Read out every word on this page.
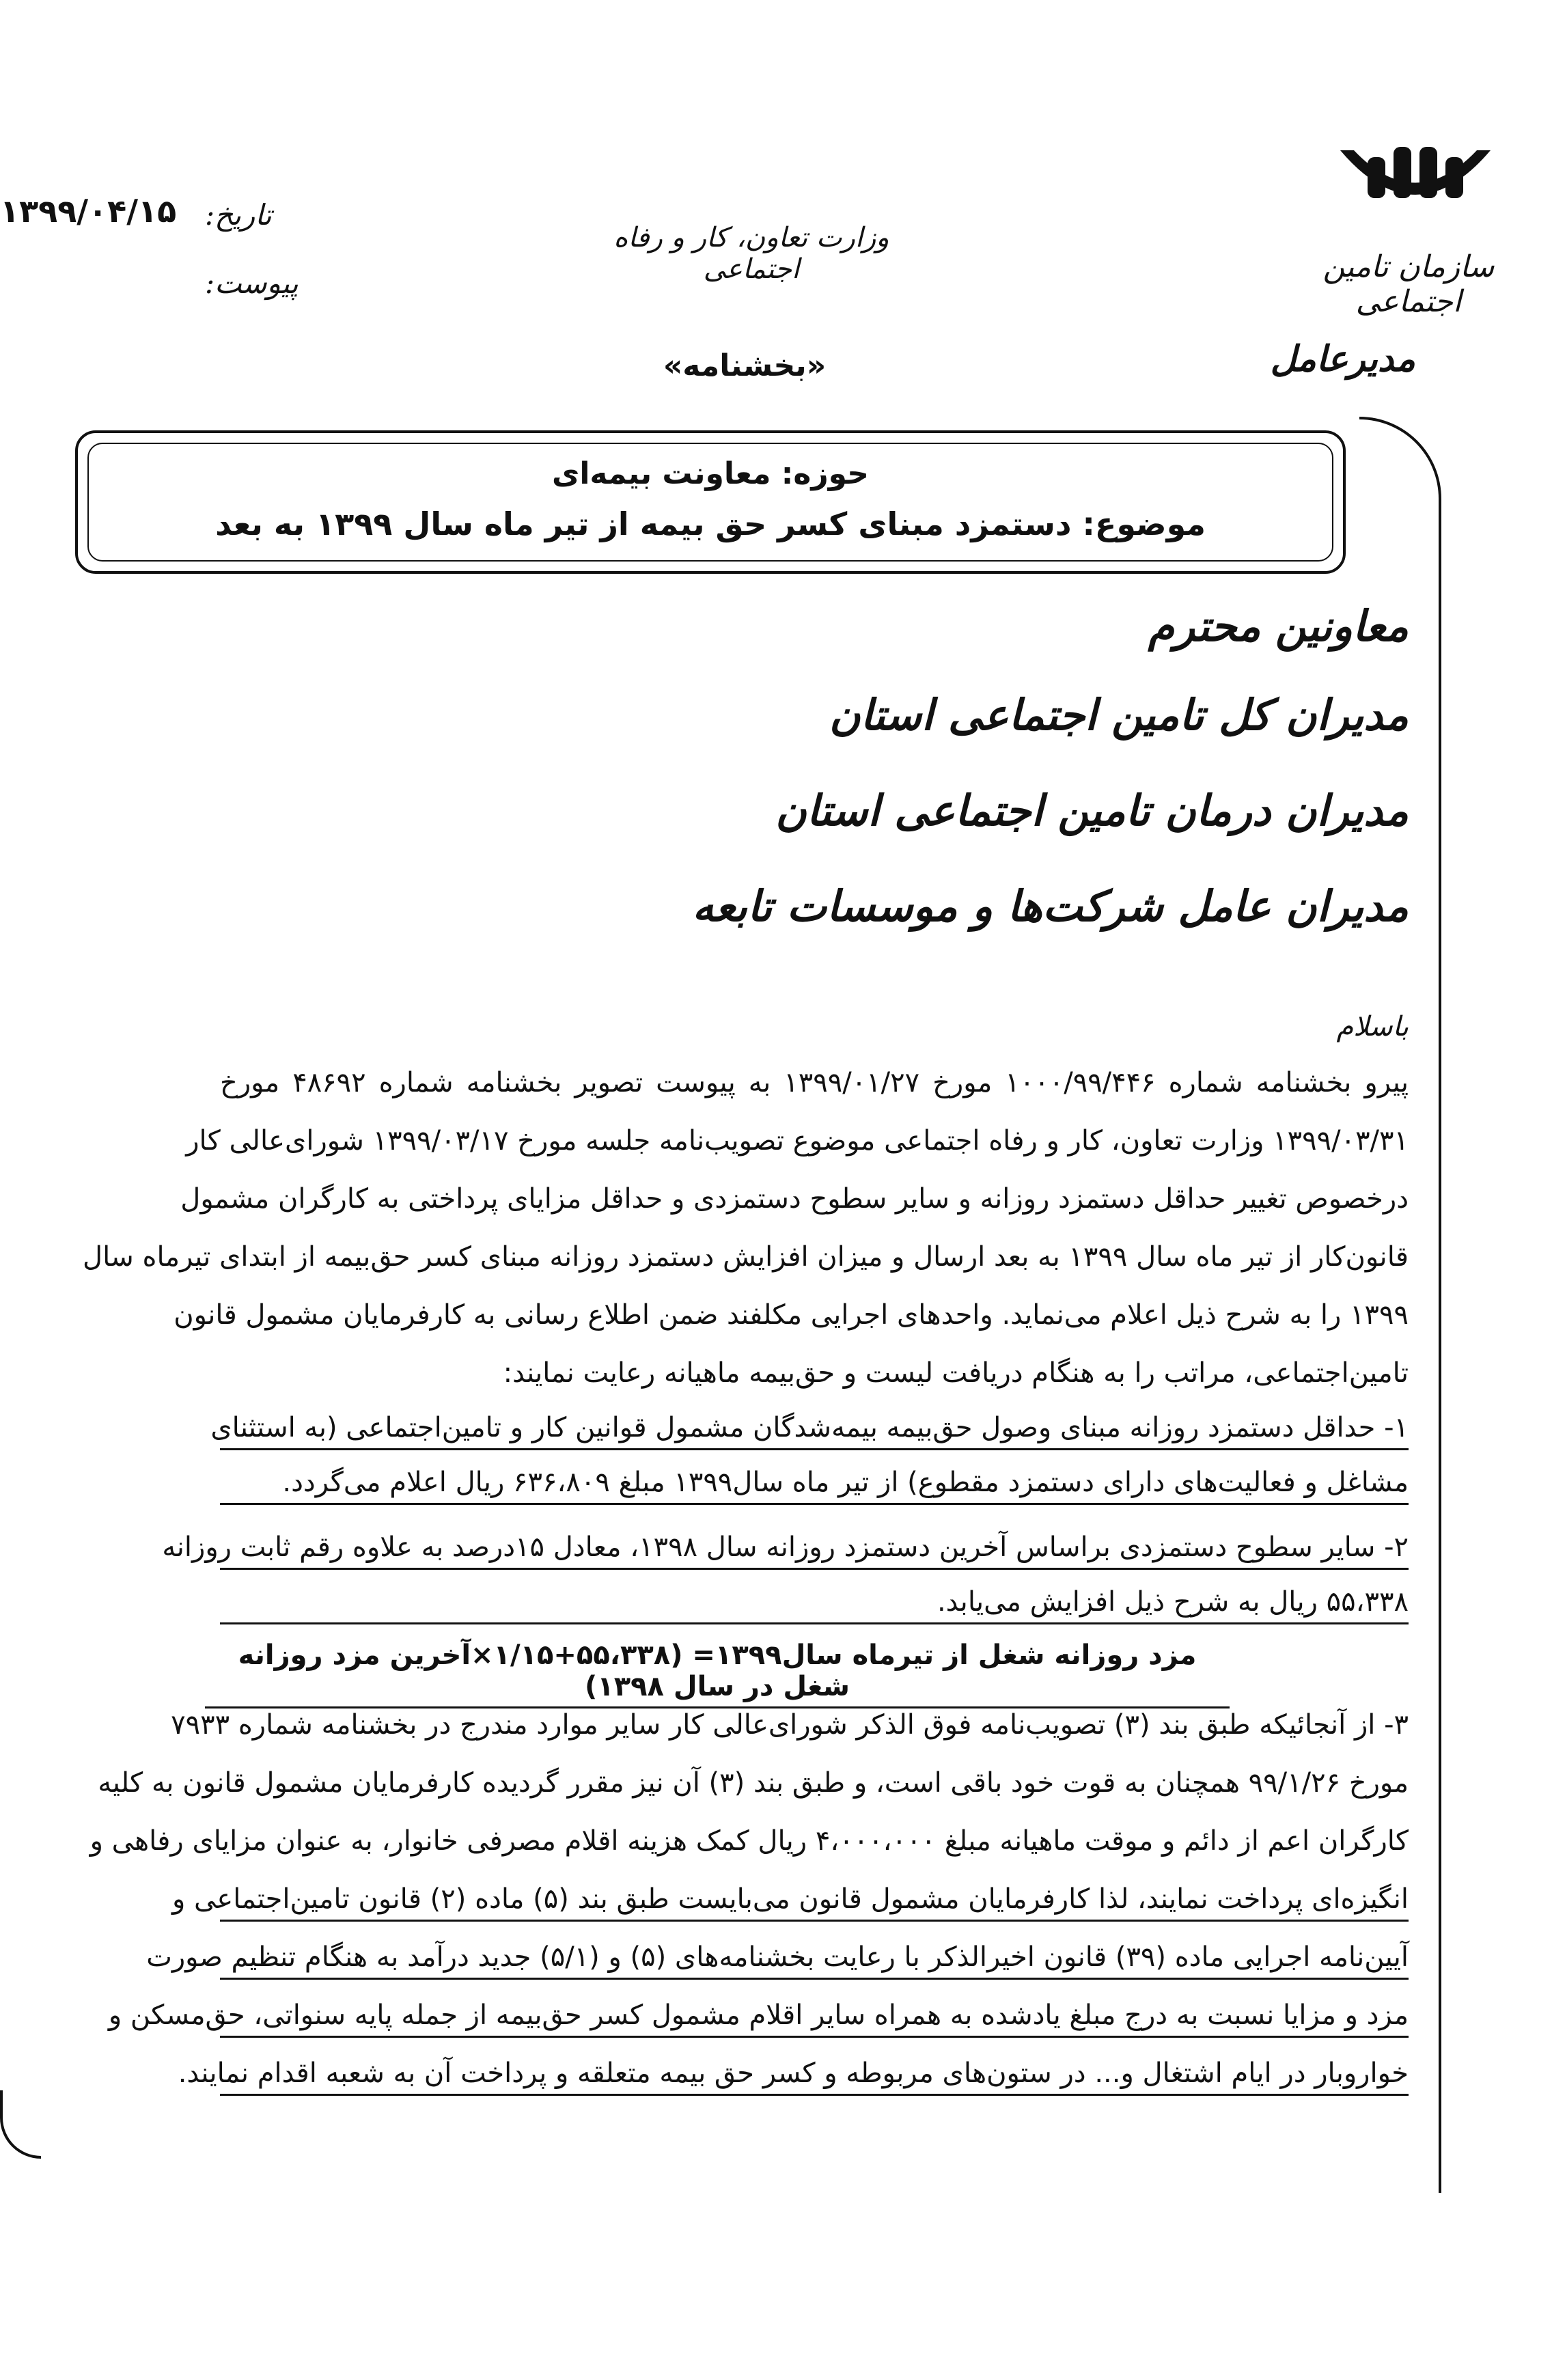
سازمان تامین اجتماعی
وزارت تعاون، کار و رفاه اجتماعی
تاریخ:
۱۳۹۹/۰۴/۱۵
پیوست:
مدیرعامل
«بخشنامه»
حوزه: معاونت بیمه‌ای
موضوع: دستمزد مبنای کسر حق بیمه از تیر ماه سال ۱۳۹۹ به بعد
معاونین محترم
مدیران کل تامین اجتماعی استان
مدیران درمان تامین اجتماعی استان
مدیران عامل شرکت‌ها و موسسات تابعه
باسلام
پیرو بخشنامه شماره ۱۰۰۰/۹۹/۴۴۶ مورخ ۱۳۹۹/۰۱/۲۷ به پیوست تصویر بخشنامه شماره ۴۸۶۹۲ مورخ
۱۳۹۹/۰۳/۳۱ وزارت تعاون، کار و رفاه اجتماعی موضوع تصویب‌نامه جلسه مورخ ۱۳۹۹/۰۳/۱۷ شورای‌عالی کار
درخصوص تغییر حداقل دستمزد روزانه و سایر سطوح دستمزدی و حداقل مزایای پرداختی به کارگران مشمول
قانون‌کار از تیر ماه سال ۱۳۹۹ به بعد ارسال و میزان افزایش دستمزد روزانه مبنای کسر حق‌بیمه از ابتدای تیرماه سال
۱۳۹۹ را به شرح ذیل اعلام می‌نماید. واحدهای اجرایی مکلفند ضمن اطلاع رسانی به کارفرمایان مشمول قانون
تامین‌اجتماعی، مراتب را به هنگام دریافت لیست و حق‌بیمه ماهیانه رعایت نمایند:
۱- حداقل دستمزد روزانه مبنای وصول حق‌بیمه بیمه‌شدگان مشمول قوانین کار و تامین‌اجتماعی (به استثنای
مشاغل و فعالیت‌های دارای دستمزد مقطوع) از تیر ماه سال۱۳۹۹ مبلغ ۶۳۶،۸۰۹ ریال اعلام می‌گردد.
۲- سایر سطوح دستمزدی براساس آخرین دستمزد روزانه سال ۱۳۹۸، معادل ۱۵درصد به علاوه رقم ثابت روزانه
۵۵،۳۳۸ ریال به شرح ذیل افزایش می‌یابد.
مزد روزانه شغل از تیرماه سال۱۳۹۹= (۵۵،۳۳۸+۱/۱۵×آخرین مزد روزانه شغل در سال ۱۳۹۸)
۳- از آنجائیکه طبق بند (۳) تصویب‌نامه فوق الذکر شورای‌عالی کار سایر موارد مندرج در بخشنامه شماره ۷۹۳۳
مورخ ۹۹/۱/۲۶ همچنان به قوت خود باقی است، و طبق بند (۳) آن نیز مقرر گردیده کارفرمایان مشمول قانون به کلیه
کارگران اعم از دائم و موقت ماهیانه مبلغ ۴،۰۰۰،۰۰۰ ریال کمک هزینه اقلام مصرفی خانوار، به عنوان مزایای رفاهی و
انگیزه‌ای پرداخت نمایند، لذا کارفرمایان مشمول قانون می‌بایست طبق بند (۵) ماده (۲) قانون تامین‌اجتماعی و
آیین‌نامه اجرایی ماده (۳۹) قانون اخیرالذکر با رعایت بخشنامه‌های (۵) و (۵/۱) جدید درآمد به هنگام تنظیم صورت
مزد و مزایا نسبت به درج مبلغ یادشده به همراه سایر اقلام مشمول کسر حق‌بیمه از جمله پایه سنواتی، حق‌مسکن و
خواروبار در ایام اشتغال و... در ستون‌های مربوطه و کسر حق بیمه متعلقه و پرداخت آن به شعبه اقدام نمایند.
